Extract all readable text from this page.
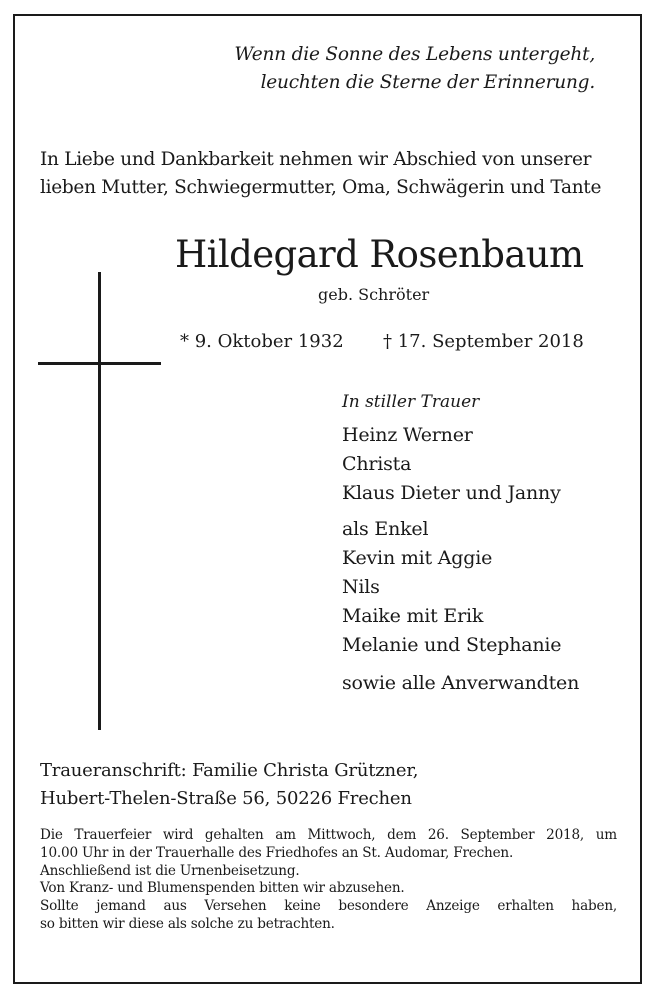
Wenn die Sonne des Lebens untergeht,
leuchten die Sterne der Erinnerung.
In Liebe und Dankbarkeit nehmen wir Abschied von unserer
lieben Mutter, Schwiegermutter, Oma, Schwägerin und Tante
Hildegard Rosenbaum
geb. Schröter
* 9. Oktober 1932 † 17. September 2018
In stiller Trauer
Heinz Werner
Christa
Klaus Dieter und Janny
als Enkel
Kevin mit Aggie
Nils
Maike mit Erik
Melanie und Stephanie
sowie alle Anverwandten
Traueranschrift: Familie Christa Grützner,
Hubert-Thelen-Straße 56, 50226 Frechen
Die Trauerfeier wird gehalten am Mittwoch, dem 26. September 2018, um
10.00 Uhr in der Trauerhalle des Friedhofes an St. Audomar, Frechen.
Anschließend ist die Urnenbeisetzung.
Von Kranz- und Blumenspenden bitten wir abzusehen.
Sollte jemand aus Versehen keine besondere Anzeige erhalten haben,
so bitten wir diese als solche zu betrachten.
